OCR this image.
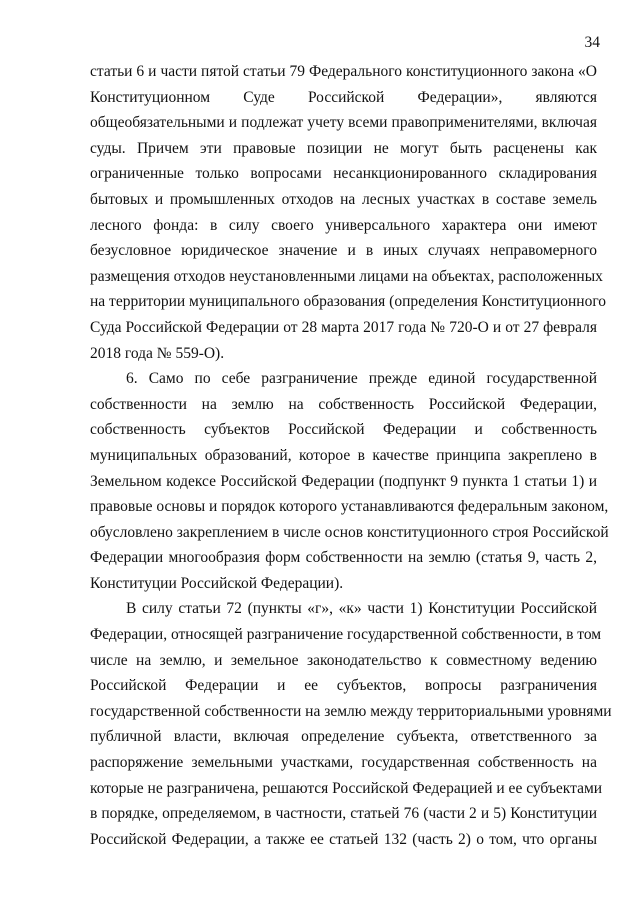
34
статьи 6 и части пятой статьи 79 Федерального конституционного закона «О
Конституционном Суде Российской Федерации», являются
общеобязательными и подлежат учету всеми правоприменителями, включая
суды. Причем эти правовые позиции не могут быть расценены как
ограниченные только вопросами несанкционированного складирования
бытовых и промышленных отходов на лесных участках в составе земель
лесного фонда: в силу своего универсального характера они имеют
безусловное юридическое значение и в иных случаях неправомерного
размещения отходов неустановленными лицами на объектах, расположенных
на территории муниципального образования (определения Конституционного
Суда Российской Федерации от 28 марта 2017 года № 720-О и от 27 февраля
2018 года № 559-О).
6. Само по себе разграничение прежде единой государственной
собственности на землю на собственность Российской Федерации,
собственность субъектов Российской Федерации и собственность
муниципальных образований, которое в качестве принципа закреплено в
Земельном кодексе Российской Федерации (подпункт 9 пункта 1 статьи 1) и
правовые основы и порядок которого устанавливаются федеральным законом,
обусловлено закреплением в числе основ конституционного строя Российской
Федерации многообразия форм собственности на землю (статья 9, часть 2,
Конституции Российской Федерации).
В силу статьи 72 (пункты «г», «к» части 1) Конституции Российской
Федерации, относящей разграничение государственной собственности, в том
числе на землю, и земельное законодательство к совместному ведению
Российской Федерации и ее субъектов, вопросы разграничения
государственной собственности на землю между территориальными уровнями
публичной власти, включая определение субъекта, ответственного за
распоряжение земельными участками, государственная собственность на
которые не разграничена, решаются Российской Федерацией и ее субъектами
в порядке, определяемом, в частности, статьей 76 (части 2 и 5) Конституции
Российской Федерации, а также ее статьей 132 (часть 2) о том, что органы
